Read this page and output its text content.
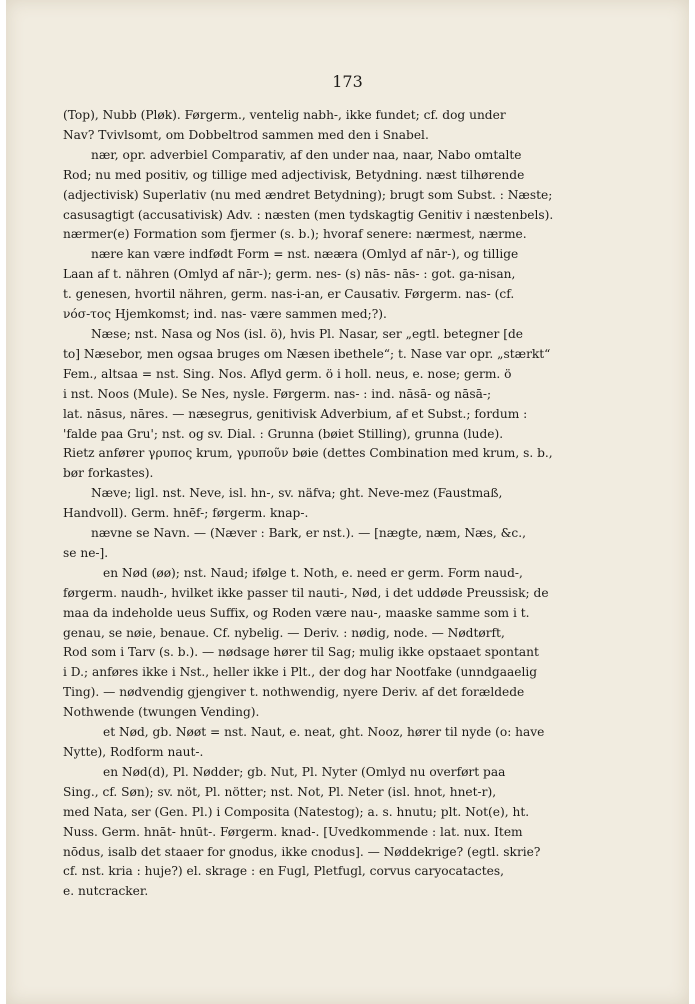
173
(Top), Nubb (Pløk). Førgerm., ventelig nabh-, ikke fundet; cf. dog under
Nav? Tvivlsomt, om Dobbeltrod sammen med den i Snabel.
nær, opr. adverbiel Comparativ, af den under naa, naar, Nabo omtalte
Rod; nu med positiv, og tillige med adjectivisk, Betydning. næst tilhørende
(adjectivisk) Superlativ (nu med ændret Betydning); brugt som Subst. : Næste;
casusagtigt (accusativisk) Adv. : næsten (men tydskagtig Genitiv i næstenbels).
nærmer(e) Formation som fjermer (s. b.); hvoraf senere: nærmest, nærme.
nære kan være indfødt Form = nst. nææra (Omlyd af nār-), og tillige
Laan af t. nähren (Omlyd af nār-); germ. nes- (s) nās- nās- : got. ga-nisan,
t. genesen, hvortil nähren, germ. nas-i-an, er Causativ. Førgerm. nas- (cf.
νόσ-τος Hjemkomst; ind. nas- være sammen med;?).
Næse; nst. Nasa og Nos (isl. ö), hvis Pl. Nasar, ser „egtl. betegner [de
to] Næsebor, men ogsaa bruges om Næsen ibethele“; t. Nase var opr. „stærkt“
Fem., altsaa = nst. Sing. Nos. Aflyd germ. ö i holl. neus, e. nose; germ. ö
i nst. Noos (Mule). Se Nes, nysle. Førgerm. nas- : ind. nāsā- og nāsā-;
lat. nāsus, nāres. — næsegrus, genitivisk Adverbium, af et Subst.; fordum :
'falde paa Gru'; nst. og sv. Dial. : Grunna (bøiet Stilling), grunna (lude).
Rietz anfører γρυπος krum, γρυποῦν bøie (dettes Combination med krum, s. b.,
bør forkastes).
Næve; ligl. nst. Neve, isl. hn-, sv. näfva; ght. Neve-mez (Faustmaß,
Handvoll). Germ. hnēf-; førgerm. knap-.
nævne se Navn. — (Næver : Bark, er nst.). — [nægte, næm, Næs, &c.,
se ne-].
en Nød (øø); nst. Naud; ifølge t. Noth, e. need er germ. Form naud-,
førgerm. naudh-, hvilket ikke passer til nauti-, Nød, i det uddøde Preussisk; de
maa da indeholde ueus Suffix, og Roden være nau-, maaske samme som i t.
genau, se nøie, benaue. Cf. nybelig. — Deriv. : nødig, node. — Nødtørft,
Rod som i Tarv (s. b.). — nødsage hører til Sag; mulig ikke opstaaet spontant
i D.; anføres ikke i Nst., heller ikke i Plt., der dog har Nootfake (unndgaaelig
Ting). — nødvendig gjengiver t. nothwendig, nyere Deriv. af det forældede
Nothwende (twungen Vending).
et Nød, gb. Nøøt = nst. Naut, e. neat, ght. Nooz, hører til nyde (o: have
Nytte), Rodform naut-.
en Nød(d), Pl. Nødder; gb. Nut, Pl. Nyter (Omlyd nu overført paa
Sing., cf. Søn); sv. nöt, Pl. nötter; nst. Not, Pl. Neter (isl. hnot, hnet-r),
med Nata, ser (Gen. Pl.) i Composita (Natestog); a. s. hnutu; plt. Not(e), ht.
Nuss. Germ. hnāt- hnūt-. Førgerm. knad-. [Uvedkommende : lat. nux. Item
nōdus, isalb det staaer for gnodus, ikke cnodus]. — Nøddekrige? (egtl. skrie?
cf. nst. kria : huje?) el. skrage : en Fugl, Pletfugl, corvus caryocatactes,
e. nutcracker.
